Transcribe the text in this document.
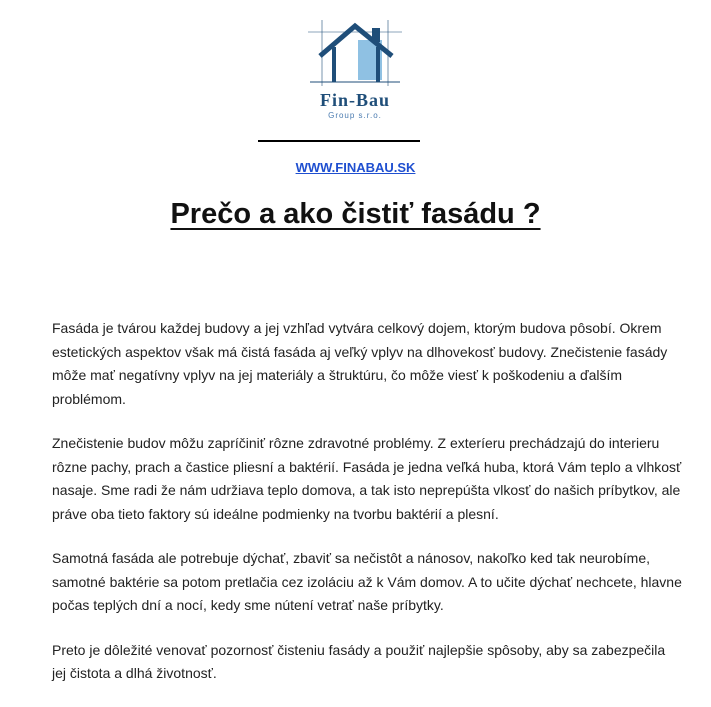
Fin-Bau
Group s.r.o.
WWW.FINABAU.SK
Prečo a ako čistiť fasádu ?

Fasáda je tvárou každej budovy a jej vzhľad vytvára celkový dojem, ktorým budova pôsobí. Okrem estetických aspektov však má čistá fasáda aj veľký vplyv na dlhovekosť budovy. Znečistenie fasády môže mať negatívny vplyv na jej materiály a štruktúru, čo môže viesť k poškodeniu a ďalším problémom.

Znečistenie budov môžu zapríčiniť rôzne zdravotné problémy. Z exteríeru prechádzajú do interieru rôzne pachy, prach a častice pliesní a baktérií. Fasáda je jedna veľká huba, ktorá Vám teplo a vlhkosť nasaje. Sme radi že nám udržiava teplo domova, a tak isto neprepúšta vlkosť do našich príbytkov, ale práve oba tieto faktory sú ideálne podmienky na tvorbu baktérií a plesní.

Samotná fasáda ale potrebuje dýchať, zbaviť sa nečistôt a nánosov, nakoľko ked tak neurobíme, samotné baktérie sa potom pretlačia cez izoláciu až k Vám domov. A to učite dýchať nechcete, hlavne počas teplých dní a nocí, kedy sme nútení vetrať naše príbytky.

Preto je dôležité venovať pozornosť čisteniu fasády a použiť najlepšie spôsoby, aby sa zabezpečila jej čistota a dlhá životnosť.
